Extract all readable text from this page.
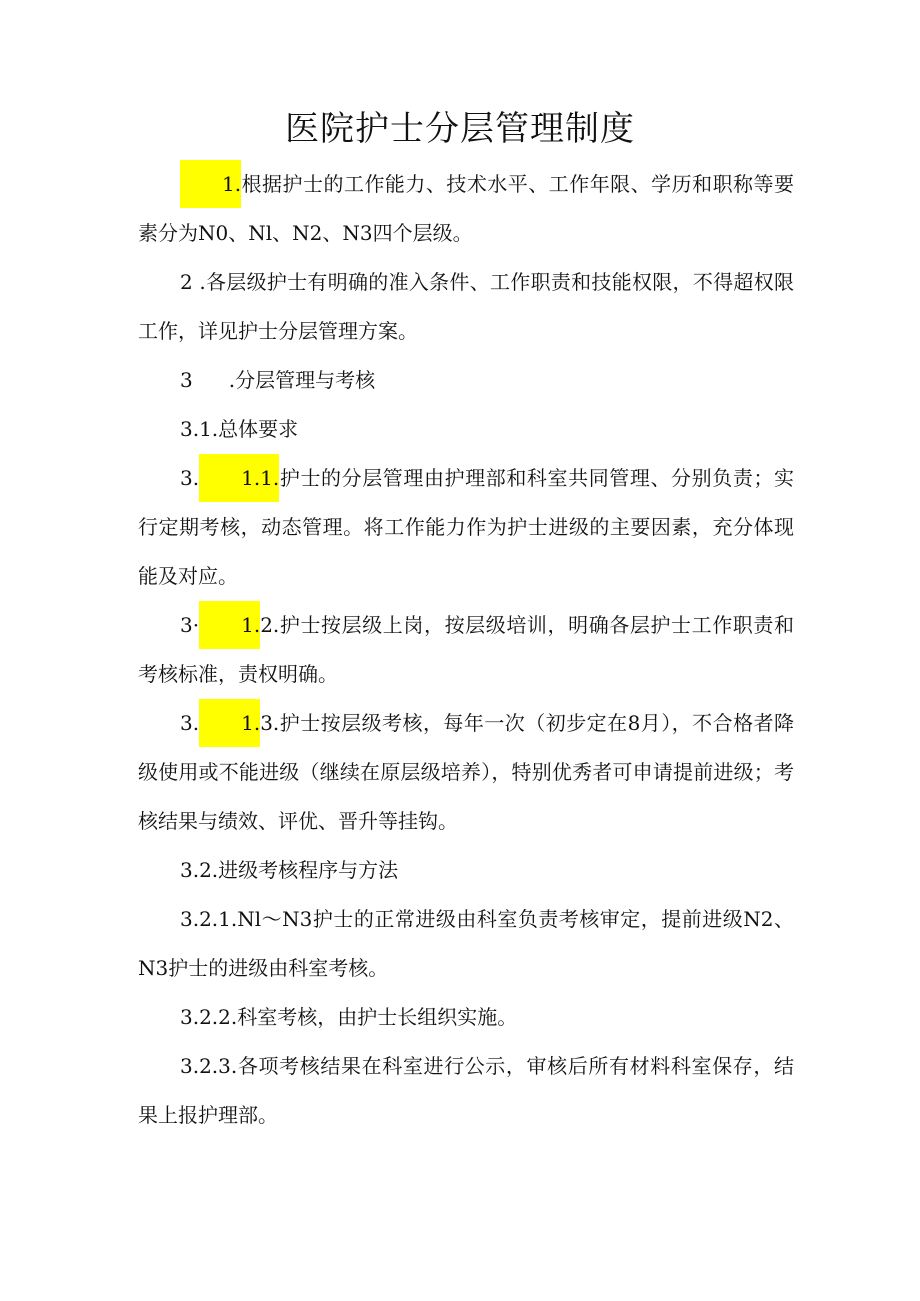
医院护士分层管理制度

1.根据护士的工作能力、技术水平、工作年限、学历和职称等要素分为N0、Nl、N2、N3四个层级。

2 .各层级护士有明确的准入条件、工作职责和技能权限，不得超权限工作，详见护士分层管理方案。

3 .分层管理与考核

3.1.总体要求

3. 1.1.护士的分层管理由护理部和科室共同管理、分别负责；实行定期考核，动态管理。将工作能力作为护士进级的主要因素，充分体现能及对应。

3· 1.2.护士按层级上岗，按层级培训，明确各层护士工作职责和考核标准，责权明确。

3. 1.3.护士按层级考核，每年一次（初步定在8月），不合格者降级使用或不能进级（继续在原层级培养），特别优秀者可申请提前进级；考核结果与绩效、评优、晋升等挂钩。

3.2.进级考核程序与方法

3.2.1.Nl～N3护士的正常进级由科室负责考核审定，提前进级N2、N3护士的进级由科室考核。

3.2.2.科室考核，由护士长组织实施。

3.2.3.各项考核结果在科室进行公示，审核后所有材料科室保存，结果上报护理部。
